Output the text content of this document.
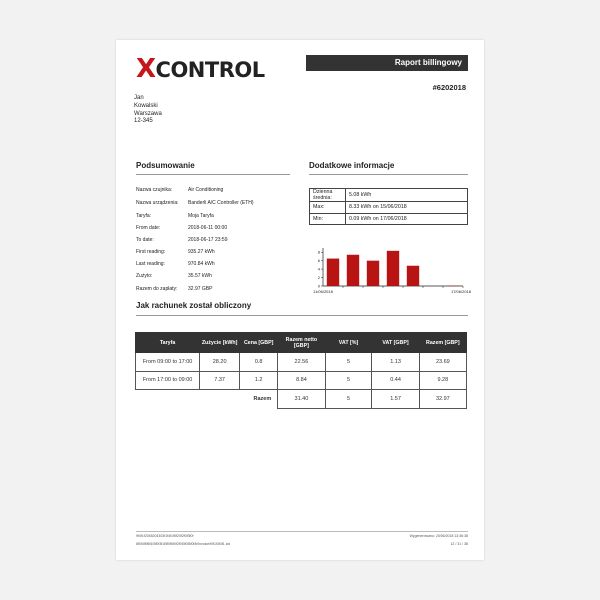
XCONTROL	Raport billingowy
#6202018
Jan
Kowalski
Warszawa
12-345
Podsumowanie	Dodatkowe informacje
Nazwa czujnika:	Air Conditioning
Nazwa urządzenia:	Banderli A/C Controller (ETH)
Taryfa:	Moja Taryfa
From date:	2018-06-11 00:00
To date:	2018-06-17 23:59
First reading:	935.27 kWh
Last reading:	970.84 kWh
Zużyto:	35.57 kWh
Razem do zapłaty:	32.97 GBP
Dzienna średnia:	5.08 kWh
Max:	8.33 kWh on 15/06/2018
Min:	0.09 kWh on 17/06/2018
8
6
4
2
0
11/06/2018	17/06/2018
Jak rachunek został obliczony
Taryfa	Zużycie [kWh]	Cena [GBP]	Razem netto [GBP]	VAT [%]	VAT [GBP]	Razem [GBP]
From 09:00 to 17:00	28.20	0.8	22.56	5	1.13	23.69
From 17:00 to 09:00	7.37	1.2	8.84	5	0.44	9.28
		Razem	31.40	5	1.57	32.97
9f4f1f2045204303f1f4f1f5f20f2f0f3f0f
8f0f4f5f6f1f3f0f3f1f5f0f6f0f2f0f3f0f3f0f4f/invoice/f0f1f3f4f1.ixd
Wygenerowano: 20/06/2018 13:36:38
12 / 31 / 38
